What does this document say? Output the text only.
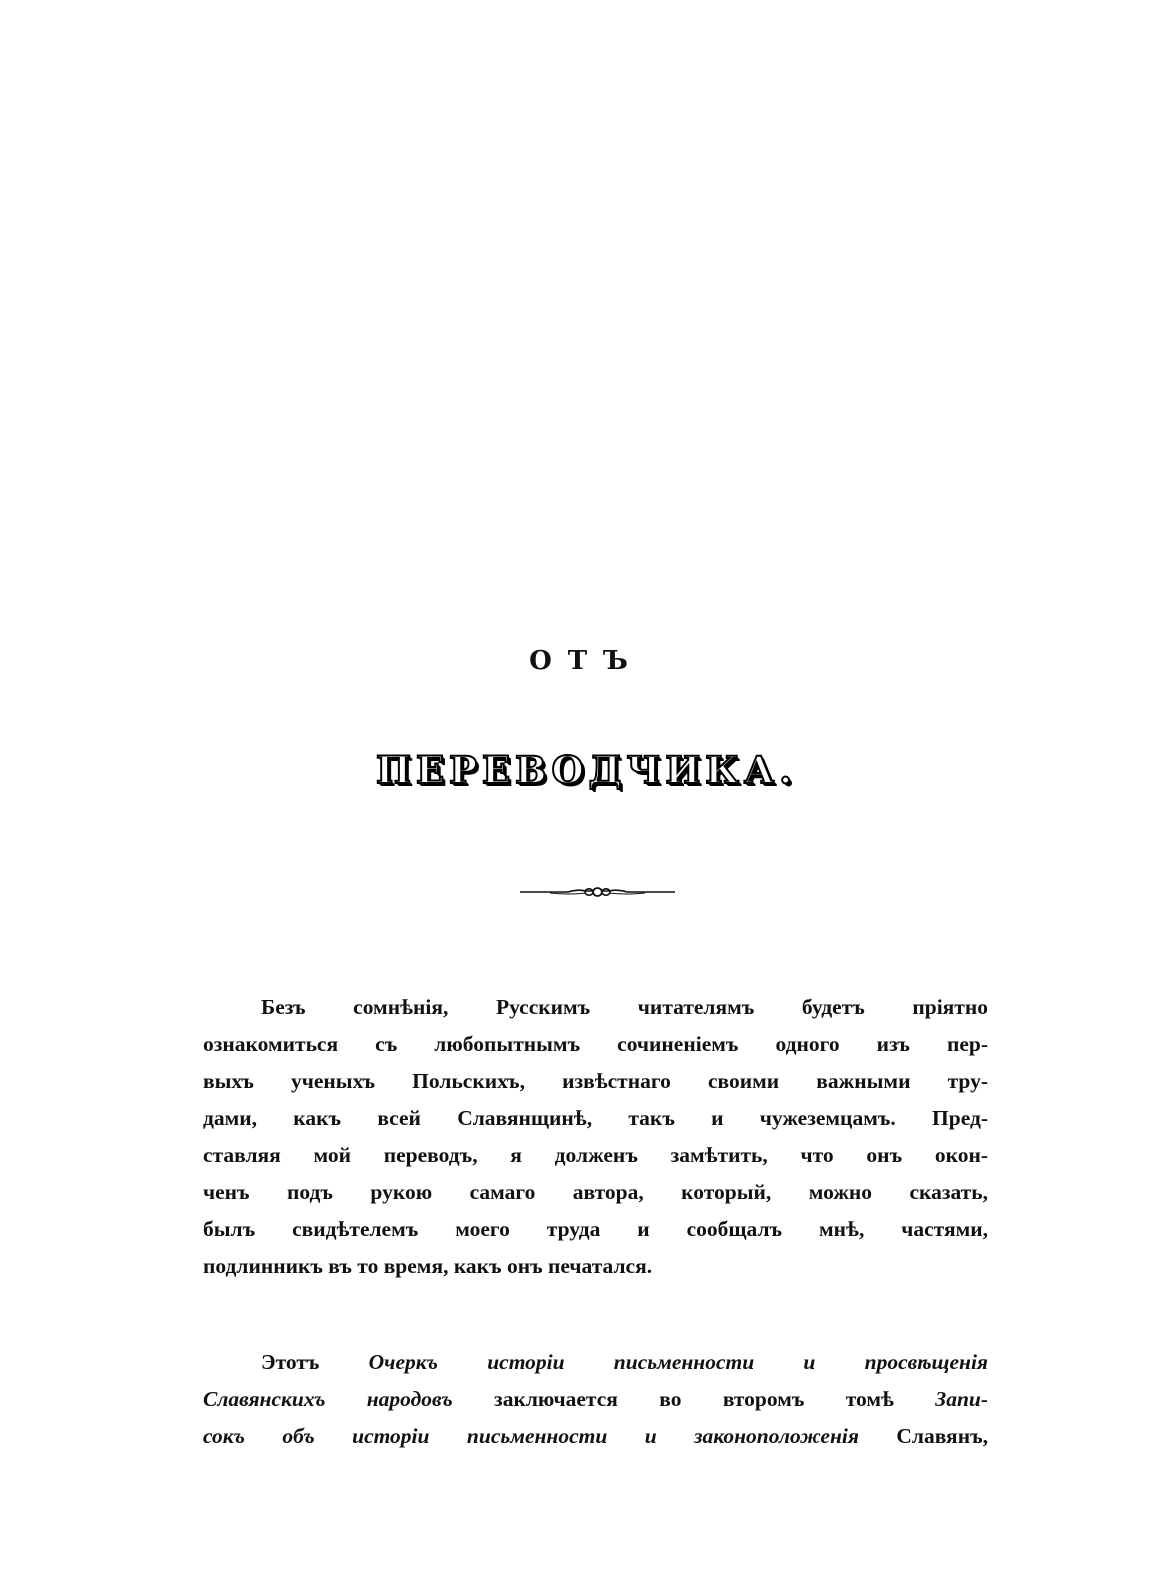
ОТЪ
ПЕРЕВОДЧИКА.
Безъ сомнѣнія, Русскимъ читателямъ будетъ пріятно
ознакомиться съ любопытнымъ сочиненіемъ одного изъ пер-
выхъ ученыхъ Польскихъ, извѣстнаго своими важными тру-
дами, какъ всей Славянщинѣ, такъ и чужеземцамъ. Пред-
ставляя мой переводъ, я долженъ замѣтить, что онъ окон-
ченъ подъ рукою самаго автора, который, можно сказать,
былъ свидѣтелемъ моего труда и сообщалъ мнѣ, частями,
подлинникъ въ то время, какъ онъ печатался.
Этотъ Очеркъ исторіи письменности и просвѣщенія
Славянскихъ народовъ заключается во второмъ томѣ Запи-
сокъ объ исторіи письменности и законоположенія Славянъ,
